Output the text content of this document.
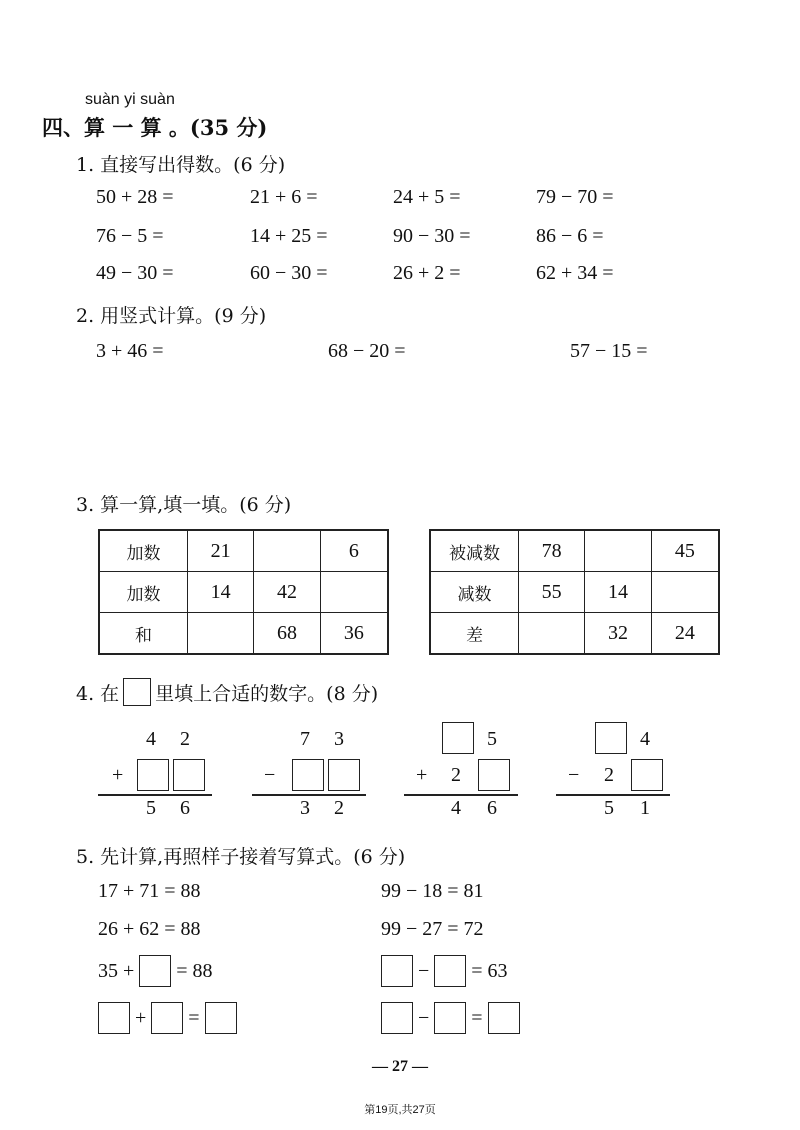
suàn yi suàn
四、算 一 算 。(35 分)
1. 直接写出得数。(6 分)
50 + 28 =	21 + 6 =	24 + 5 =	79 − 70 =
76 − 5 =	14 + 25 =	90 − 30 =	86 − 6 =
49 − 30 =	60 − 30 =	26 + 2 =	62 + 34 =
2. 用竖式计算。(9 分)
3 + 46 =	68 − 20 =	57 − 15 =
3. 算一算,填一填。(6 分)
加数	21		6
加数	14	42	
和		68	36
被减数	78		45
减数	55	14	
差		32	24
4. 在 里填上合适的数字。(8 分)
4 2
+
5 6
7 3
−
3 2
5
+ 2
4 6
4
− 2
5 1
5. 先计算,再照样子接着写算式。(6 分)
17 + 71 = 88
26 + 62 = 88
35 + = 88
+ =
99 − 18 = 81
99 − 27 = 72
− = 63
− =
— 27 —
第19页,共27页
